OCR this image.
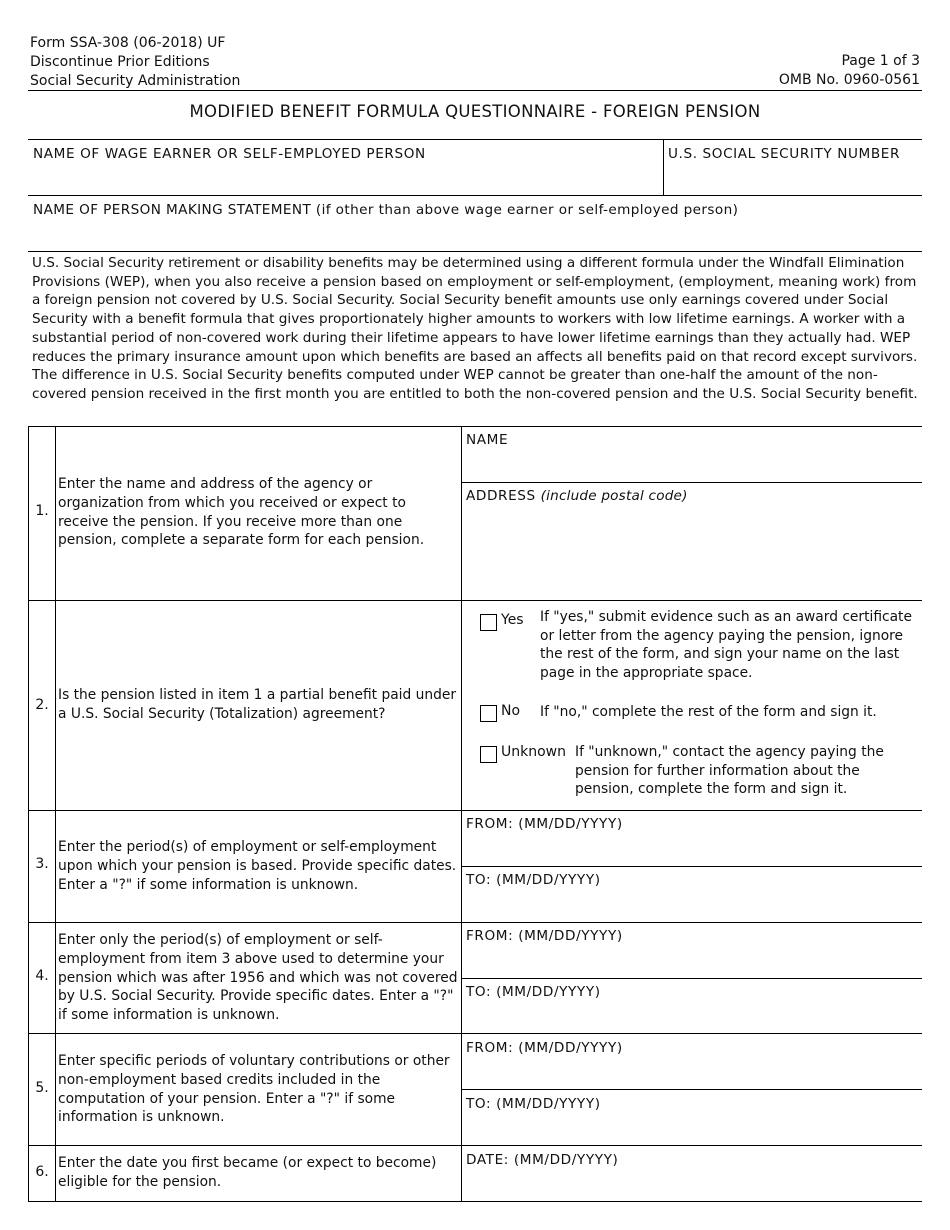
Form SSA-308 (06-2018) UF
Discontinue Prior Editions
Social Security Administration
Page 1 of 3
OMB No. 0960-0561
MODIFIED BENEFIT FORMULA QUESTIONNAIRE - FOREIGN PENSION
NAME OF WAGE EARNER OR SELF-EMPLOYED PERSON	U.S. SOCIAL SECURITY NUMBER
NAME OF PERSON MAKING STATEMENT (if other than above wage earner or self-employed person)
U.S. Social Security retirement or disability benefits may be determined using a different formula under the Windfall Elimination Provisions (WEP), when you also receive a pension based on employment or self-employment, (employment, meaning work) from a foreign pension not covered by U.S. Social Security. Social Security benefit amounts use only earnings covered under Social Security with a benefit formula that gives proportionately higher amounts to workers with low lifetime earnings. A worker with a substantial period of non-covered work during their lifetime appears to have lower lifetime earnings than they actually had. WEP reduces the primary insurance amount upon which benefits are based an affects all benefits paid on that record except survivors. The difference in U.S. Social Security benefits computed under WEP cannot be greater than one-half the amount of the non-covered pension received in the first month you are entitled to both the non-covered pension and the U.S. Social Security benefit.
1.
Enter the name and address of the agency or organization from which you received or expect to receive the pension. If you receive more than one pension, complete a separate form for each pension.
NAME
ADDRESS (include postal code)
2.
Is the pension listed in item 1 a partial benefit paid under a U.S. Social Security (Totalization) agreement?
Yes If "yes," submit evidence such as an award certificate or letter from the agency paying the pension, ignore the rest of the form, and sign your name on the last page in the appropriate space.
No If "no," complete the rest of the form and sign it.
Unknown If "unknown," contact the agency paying the pension for further information about the pension, complete the form and sign it.
3.
Enter the period(s) of employment or self-employment upon which your pension is based. Provide specific dates. Enter a "?" if some information is unknown.
FROM: (MM/DD/YYYY)
TO: (MM/DD/YYYY)
4.
Enter only the period(s) of employment or self-employment from item 3 above used to determine your pension which was after 1956 and which was not covered by U.S. Social Security. Provide specific dates. Enter a "?" if some information is unknown.
FROM: (MM/DD/YYYY)
TO: (MM/DD/YYYY)
5.
Enter specific periods of voluntary contributions or other non-employment based credits included in the computation of your pension. Enter a "?" if some information is unknown.
FROM: (MM/DD/YYYY)
TO: (MM/DD/YYYY)
6.
Enter the date you first became (or expect to become) eligible for the pension.
DATE: (MM/DD/YYYY)
